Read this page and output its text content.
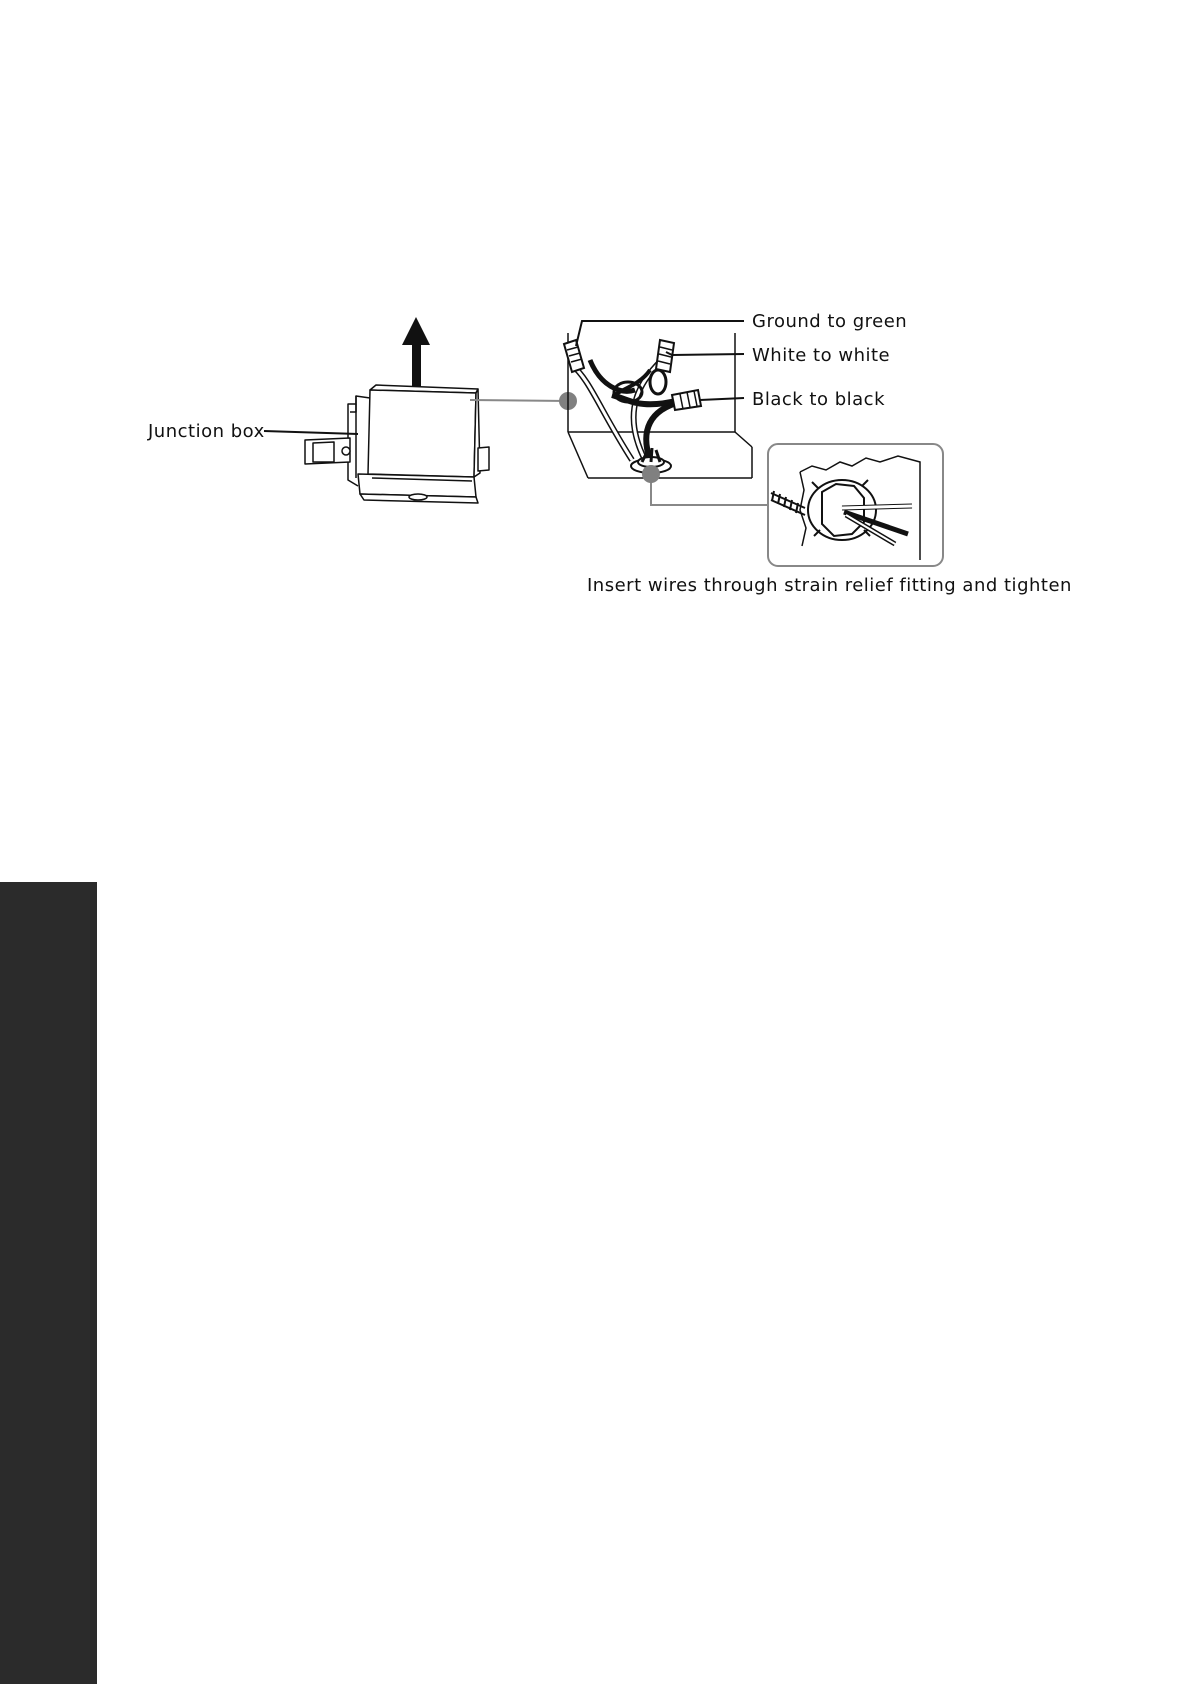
Junction box
Ground to green
White to white
Black to black
Insert wires through strain relief fitting and tighten
